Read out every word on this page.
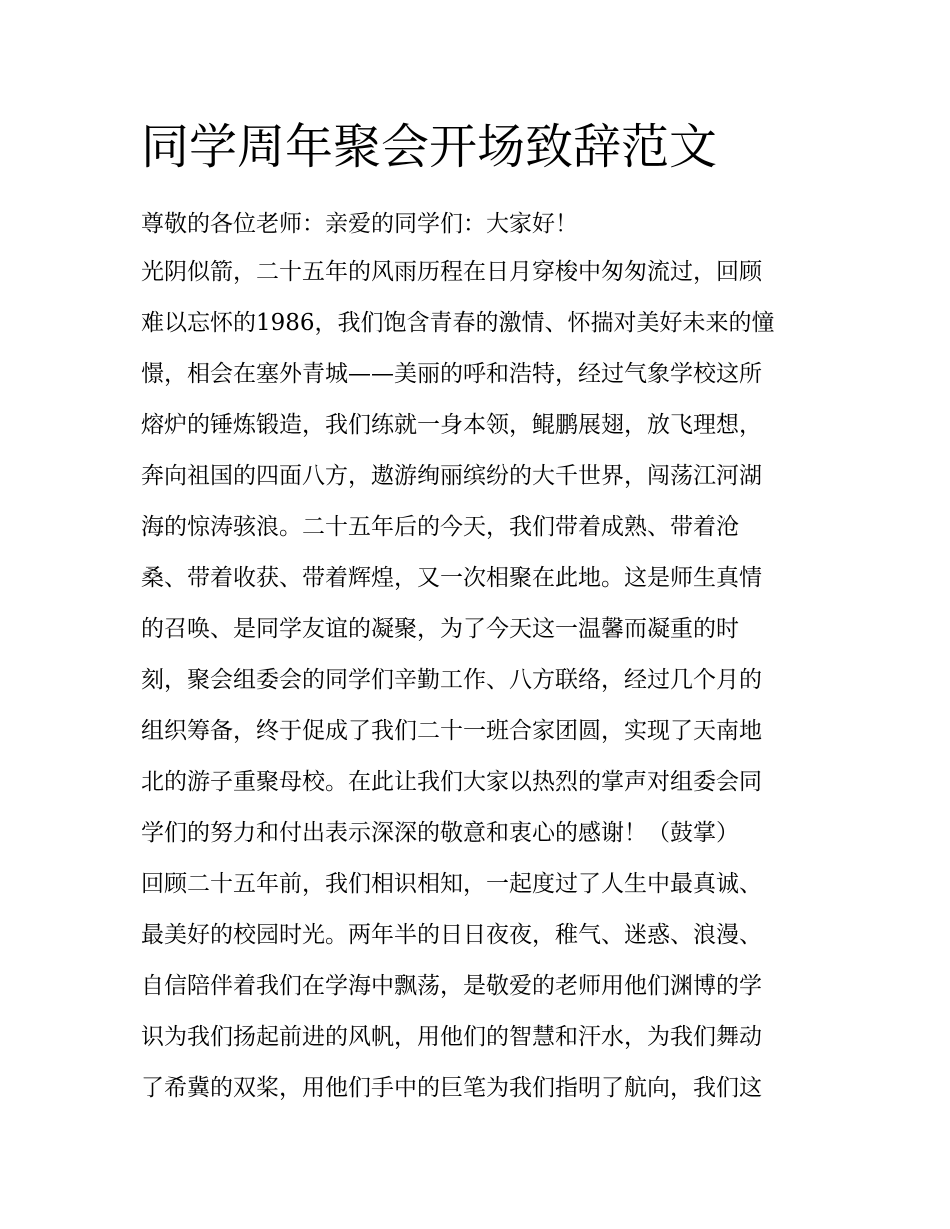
同学周年聚会开场致辞范文

尊敬的各位老师：亲爱的同学们：大家好！

光阴似箭，二十五年的风雨历程在日月穿梭中匆匆流过，回顾
难以忘怀的1986，我们饱含青春的激情、怀揣对美好未来的憧
憬，相会在塞外青城——美丽的呼和浩特，经过气象学校这所
熔炉的锤炼锻造，我们练就一身本领，鲲鹏展翅，放飞理想，
奔向祖国的四面八方，遨游绚丽缤纷的大千世界，闯荡江河湖
海的惊涛骇浪。二十五年后的今天，我们带着成熟、带着沧
桑、带着收获、带着辉煌，又一次相聚在此地。这是师生真情
的召唤、是同学友谊的凝聚，为了今天这一温馨而凝重的时
刻，聚会组委会的同学们辛勤工作、八方联络，经过几个月的
组织筹备，终于促成了我们二十一班合家团圆，实现了天南地
北的游子重聚母校。在此让我们大家以热烈的掌声对组委会同
学们的努力和付出表示深深的敬意和衷心的感谢！（鼓掌）
回顾二十五年前，我们相识相知，一起度过了人生中最真诚、
最美好的校园时光。两年半的日日夜夜，稚气、迷惑、浪漫、
自信陪伴着我们在学海中飘荡，是敬爱的老师用他们渊博的学
识为我们扬起前进的风帆，用他们的智慧和汗水，为我们舞动
了希冀的双桨，用他们手中的巨笔为我们指明了航向，我们这
